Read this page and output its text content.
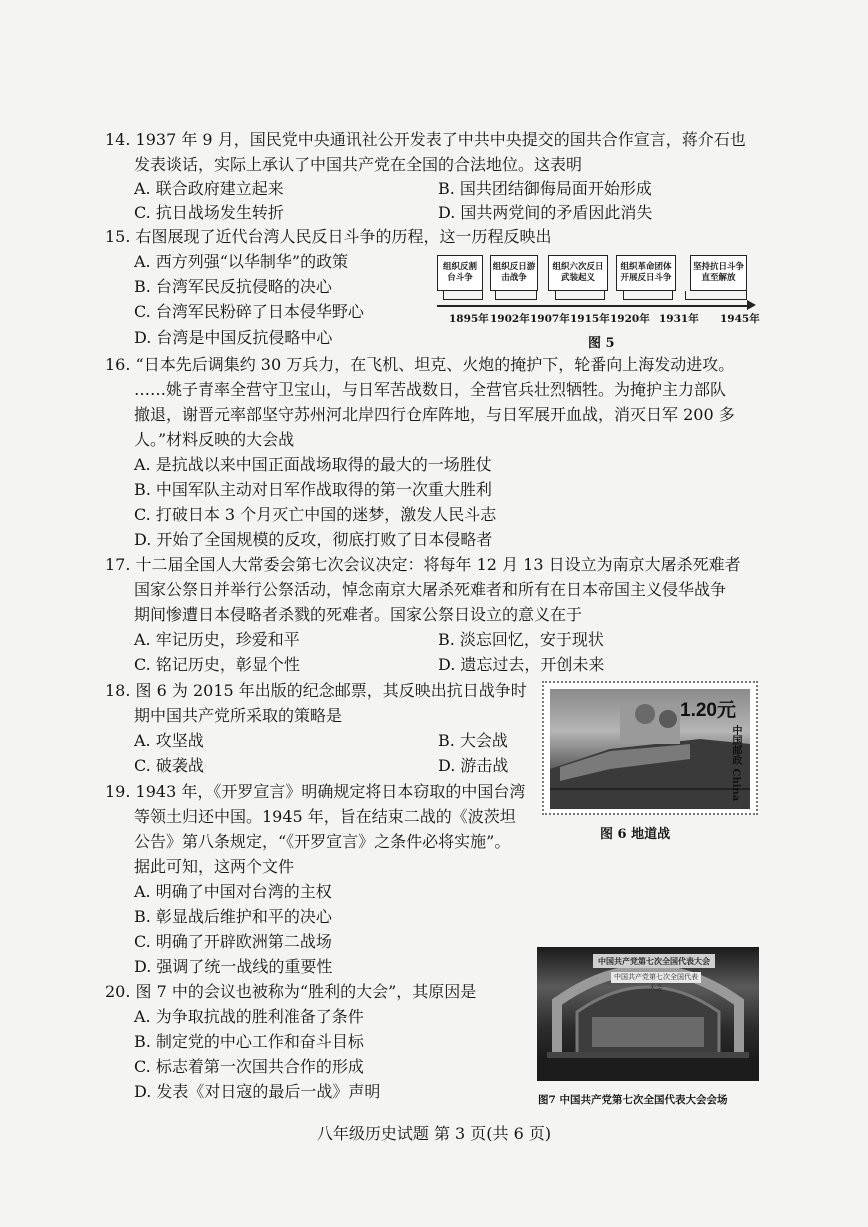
14. 1937 年 9 月，国民党中央通讯社公开发表了中共中央提交的国共合作宣言，蒋介石也
发表谈话，实际上承认了中国共产党在全国的合法地位。这表明
A. 联合政府建立起来	B. 国共团结御侮局面开始形成
C. 抗日战场发生转折	D. 国共两党间的矛盾因此消失
15. 右图展现了近代台湾人民反日斗争的历程，这一历程反映出
A. 西方列强“以华制华”的政策
B. 台湾军民反抗侵略的决心
C. 台湾军民粉碎了日本侵华野心
D. 台湾是中国反抗侵略中心
组织反割台斗争
组织反日游击战争
组织六次反日武装起义
组织革命团体开展反日斗争
坚持抗日斗争直至解放
1895年 1902年 1907年 1915年 1920年 1931年 1945年
图 5
16. “日本先后调集约 30 万兵力，在飞机、坦克、火炮的掩护下，轮番向上海发动进攻。
……姚子青率全营守卫宝山，与日军苦战数日，全营官兵壮烈牺牲。为掩护主力部队
撤退，谢晋元率部坚守苏州河北岸四行仓库阵地，与日军展开血战，消灭日军 200 多
人。”材料反映的大会战
A. 是抗战以来中国正面战场取得的最大的一场胜仗
B. 中国军队主动对日军作战取得的第一次重大胜利
C. 打破日本 3 个月灭亡中国的迷梦，激发人民斗志
D. 开始了全国规模的反攻，彻底打败了日本侵略者
17. 十二届全国人大常委会第七次会议决定：将每年 12 月 13 日设立为南京大屠杀死难者
国家公祭日并举行公祭活动，悼念南京大屠杀死难者和所有在日本帝国主义侵华战争
期间惨遭日本侵略者杀戮的死难者。国家公祭日设立的意义在于
A. 牢记历史，珍爱和平	B. 淡忘回忆，安于现状
C. 铭记历史，彰显个性	D. 遗忘过去，开创未来
18. 图 6 为 2015 年出版的纪念邮票，其反映出抗日战争时
期中国共产党所采取的策略是
A. 攻坚战	B. 大会战
C. 破袭战	D. 游击战
1.20元
中国邮政 China
图 6 地道战
19. 1943 年，《开罗宣言》明确规定将日本窃取的中国台湾
等领土归还中国。1945 年，旨在结束二战的《波茨坦
公告》第八条规定，“《开罗宣言》之条件必将实施”。
据此可知，这两个文件
A. 明确了中国对台湾的主权
B. 彰显战后维护和平的决心
C. 明确了开辟欧洲第二战场
D. 强调了统一战线的重要性
20. 图 7 中的会议也被称为“胜利的大会”，其原因是
A. 为争取抗战的胜利准备了条件
B. 制定党的中心工作和奋斗目标
C. 标志着第一次国共合作的形成
D. 发表《对日寇的最后一战》声明
中国共产党第七次全国代表大会
中国共产党第七次全国代表大会
图7 中国共产党第七次全国代表大会会场
八年级历史试题 第 3 页(共 6 页)
